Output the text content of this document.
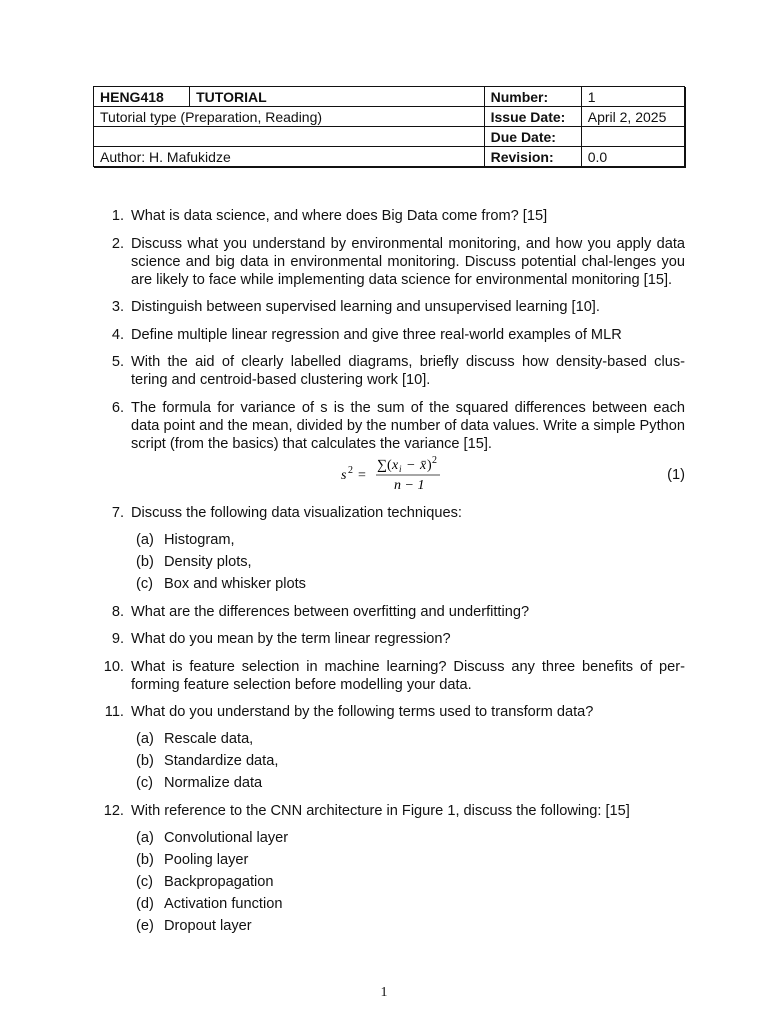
HENG418	TUTORIAL	Number:	1
Tutorial type (Preparation, Reading)		Issue Date:	April 2, 2025
		Due Date:	
Author: H. Mafukidze		Revision:	0.0
1. What is data science, and where does Big Data come from? [15]
2. Discuss what you understand by environmental monitoring, and how you apply data science and big data in environmental monitoring. Discuss potential chal-lenges you are likely to face while implementing data science for environmental monitoring [15].
3. Distinguish between supervised learning and unsupervised learning [10].
4. Define multiple linear regression and give three real-world examples of MLR
5. With the aid of clearly labelled diagrams, briefly discuss how density-based clus-tering and centroid-based clustering work [10].
6. The formula for variance of s is the sum of the squared differences between each data point and the mean, divided by the number of data values. Write a simple Python script (from the basics) that calculates the variance [15].
s 2 =
∑ ( x i − x̄ ) 2
n − 1
(1)
7. Discuss the following data visualization techniques:
(a) Histogram,
(b) Density plots,
(c) Box and whisker plots
8. What are the differences between overfitting and underfitting?
9. What do you mean by the term linear regression?
10. What is feature selection in machine learning? Discuss any three benefits of per-forming feature selection before modelling your data.
11. What do you understand by the following terms used to transform data?
(a) Rescale data,
(b) Standardize data,
(c) Normalize data
12. With reference to the CNN architecture in Figure 1, discuss the following: [15]
(a) Convolutional layer
(b) Pooling layer
(c) Backpropagation
(d) Activation function
(e) Dropout layer
1
